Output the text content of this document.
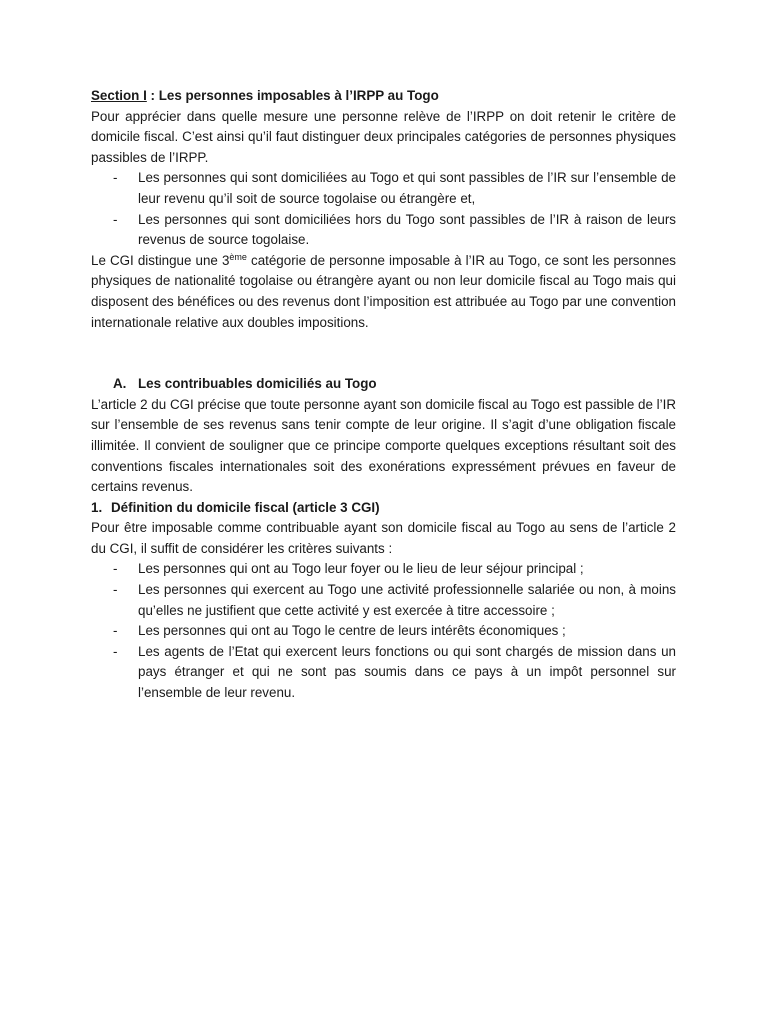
Section I : Les personnes imposables à l’IRPP au Togo

Pour apprécier dans quelle mesure une personne relève de l’IRPP on doit retenir le critère de domicile fiscal. C’est ainsi qu’il faut distinguer deux principales catégories de personnes physiques passibles de l’IRPP.

- Les personnes qui sont domiciliées au Togo et qui sont passibles de l’IR sur l’ensemble de leur revenu qu’il soit de source togolaise ou étrangère et,
- Les personnes qui sont domiciliées hors du Togo sont passibles de l’IR à raison de leurs revenus de source togolaise.

Le CGI distingue une 3ème catégorie de personne imposable à l’IR au Togo, ce sont les personnes physiques de nationalité togolaise ou étrangère ayant ou non leur domicile fiscal au Togo mais qui disposent des bénéfices ou des revenus dont l’imposition est attribuée au Togo par une convention internationale relative aux doubles impositions.

A. Les contribuables domiciliés au Togo

L’article 2 du CGI précise que toute personne ayant son domicile fiscal au Togo est passible de l’IR sur l’ensemble de ses revenus sans tenir compte de leur origine. Il s’agit d’une obligation fiscale illimitée. Il convient de souligner que ce principe comporte quelques exceptions résultant soit des conventions fiscales internationales soit des exonérations expressément prévues en faveur de certains revenus.

1. Définition du domicile fiscal (article 3 CGI)

Pour être imposable comme contribuable ayant son domicile fiscal au Togo au sens de l’article 2 du CGI, il suffit de considérer les critères suivants :

- Les personnes qui ont au Togo leur foyer ou le lieu de leur séjour principal ;
- Les personnes qui exercent au Togo une activité professionnelle salariée ou non, à moins qu’elles ne justifient que cette activité y est exercée à titre accessoire ;
- Les personnes qui ont au Togo le centre de leurs intérêts économiques ;
- Les agents de l’Etat qui exercent leurs fonctions ou qui sont chargés de mission dans un pays étranger et qui ne sont pas soumis dans ce pays à un impôt personnel sur l’ensemble de leur revenu.
